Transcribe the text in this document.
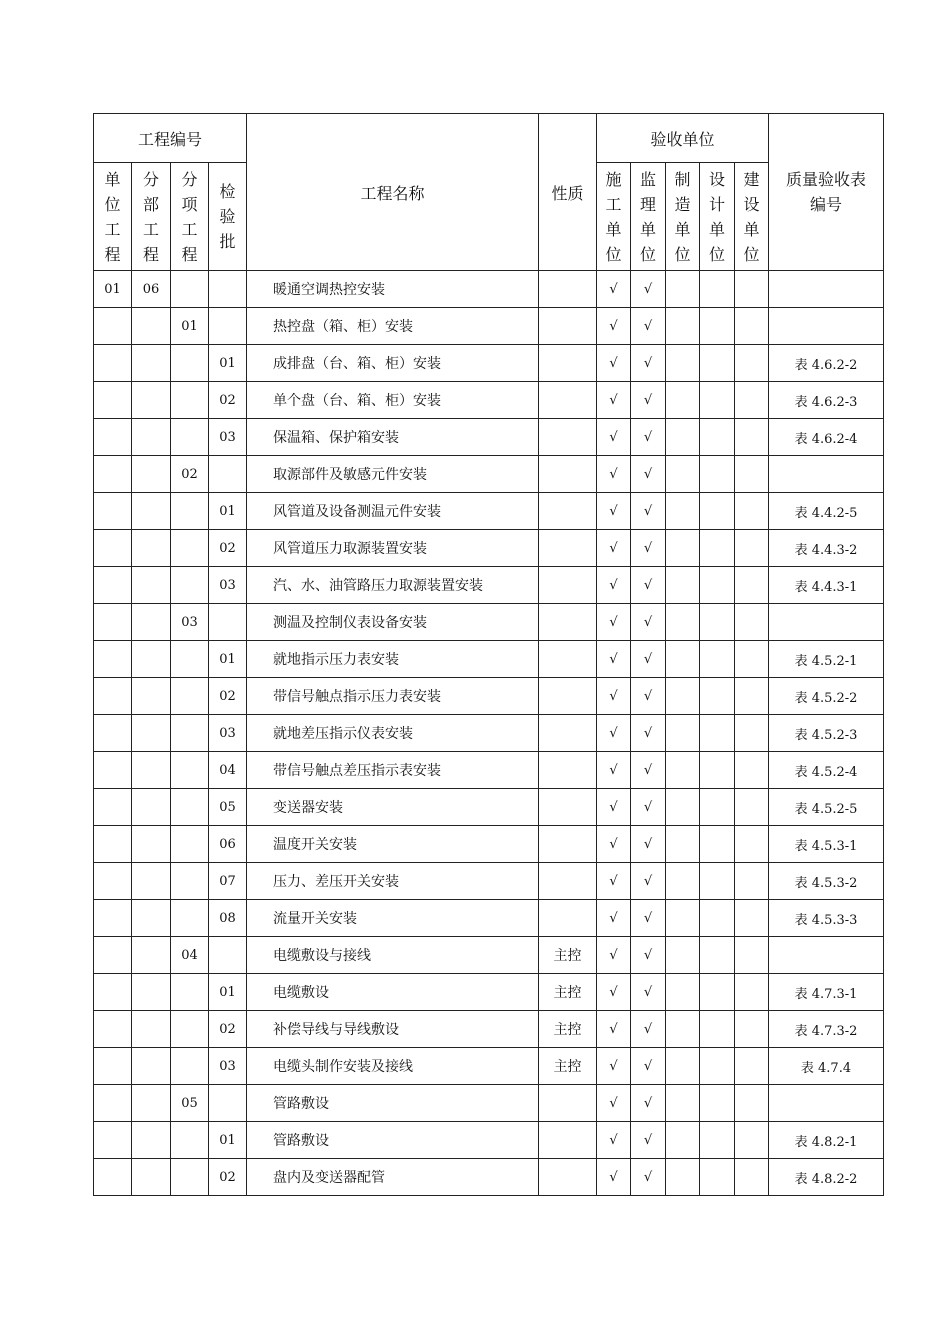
工程编号				工程名称	性质	验收单位					质量验收表编号

单位工程	分部工程	分项工程	检验批			施工单位	监理单位	制造单位	设计单位	建设单位	

01	06			暖通空调热控安装		√	√				
		01		热控盘（箱、柜）安装		√	√				
			01	成排盘（台、箱、柜）安装		√	√				表 4.6.2-2
			02	单个盘（台、箱、柜）安装		√	√				表 4.6.2-3
			03	保温箱、保护箱安装		√	√				表 4.6.2-4
		02		取源部件及敏感元件安装		√	√				
			01	风管道及设备测温元件安装		√	√				表 4.4.2-5
			02	风管道压力取源装置安装		√	√				表 4.4.3-2
			03	汽、水、油管路压力取源装置安装		√	√				表 4.4.3-1
		03		测温及控制仪表设备安装		√	√				
			01	就地指示压力表安装		√	√				表 4.5.2-1
			02	带信号触点指示压力表安装		√	√				表 4.5.2-2
			03	就地差压指示仪表安装		√	√				表 4.5.2-3
			04	带信号触点差压指示表安装		√	√				表 4.5.2-4
			05	变送器安装		√	√				表 4.5.2-5
			06	温度开关安装		√	√				表 4.5.3-1
			07	压力、差压开关安装		√	√				表 4.5.3-2
			08	流量开关安装		√	√				表 4.5.3-3
		04		电缆敷设与接线	主控	√	√				
			01	电缆敷设	主控	√	√				表 4.7.3-1
			02	补偿导线与导线敷设	主控	√	√				表 4.7.3-2
			03	电缆头制作安装及接线	主控	√	√				表 4.7.4
		05		管路敷设		√	√				
			01	管路敷设		√	√				表 4.8.2-1
			02	盘内及变送器配管		√	√				表 4.8.2-2
